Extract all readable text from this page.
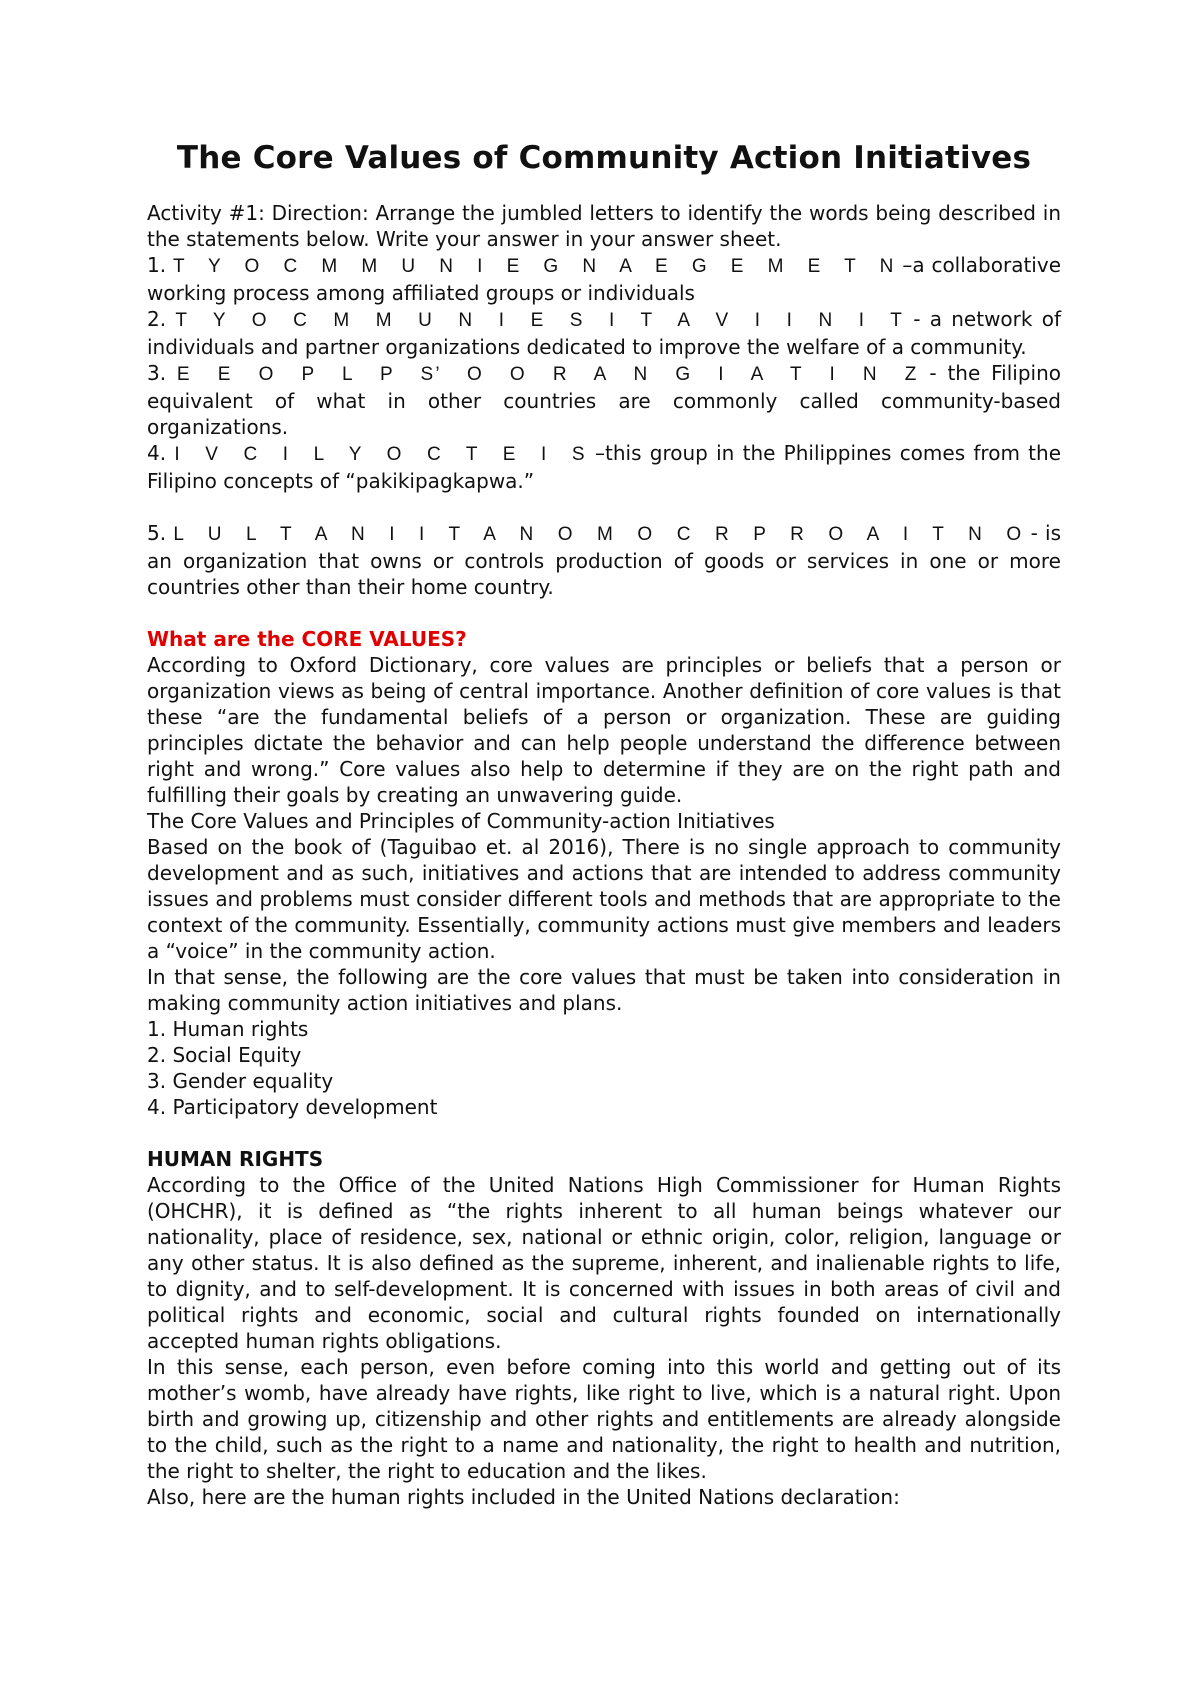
The Core Values of Community Action Initiatives

Activity #1: Direction: Arrange the jumbled letters to identify the words being described in the statements below. Write your answer in your answer sheet.

1. T Y O C M M U N I E G N A E G E M E T N –a collaborative working process among affiliated groups or individuals

2. T Y O C M M U N I E S I T A V I I N I T - a network of individuals and partner organizations dedicated to improve the welfare of a community.

3. E E O P L P S’ O O R A N G I A T I N Z - the Filipino equivalent of what in other countries are commonly called community-based organizations.

4. I V C I L Y O C T E I S –this group in the Philippines comes from the Filipino concepts of “pakikipagkapwa.”

5. L U L T A N I I T A N O M O C R P R O A I T N O - is an organization that owns or controls production of goods or services in one or more countries other than their home country.

What are the CORE VALUES?

According to Oxford Dictionary, core values are principles or beliefs that a person or organization views as being of central importance. Another definition of core values is that these “are the fundamental beliefs of a person or organization. These are guiding principles dictate the behavior and can help people understand the difference between right and wrong.” Core values also help to determine if they are on the right path and fulfilling their goals by creating an unwavering guide.

The Core Values and Principles of Community-action Initiatives

Based on the book of (Taguibao et. al 2016), There is no single approach to community development and as such, initiatives and actions that are intended to address community issues and problems must consider different tools and methods that are appropriate to the context of the community. Essentially, community actions must give members and leaders a “voice” in the community action.

In that sense, the following are the core values that must be taken into consideration in making community action initiatives and plans.

1. Human rights
2. Social Equity
3. Gender equality
4. Participatory development

HUMAN RIGHTS

According to the Office of the United Nations High Commissioner for Human Rights (OHCHR), it is defined as “the rights inherent to all human beings whatever our nationality, place of residence, sex, national or ethnic origin, color, religion, language or any other status. It is also defined as the supreme, inherent, and inalienable rights to life, to dignity, and to self-development. It is concerned with issues in both areas of civil and political rights and economic, social and cultural rights founded on internationally accepted human rights obligations.

In this sense, each person, even before coming into this world and getting out of its mother’s womb, have already have rights, like right to live, which is a natural right. Upon birth and growing up, citizenship and other rights and entitlements are already alongside to the child, such as the right to a name and nationality, the right to health and nutrition, the right to shelter, the right to education and the likes.

Also, here are the human rights included in the United Nations declaration:
